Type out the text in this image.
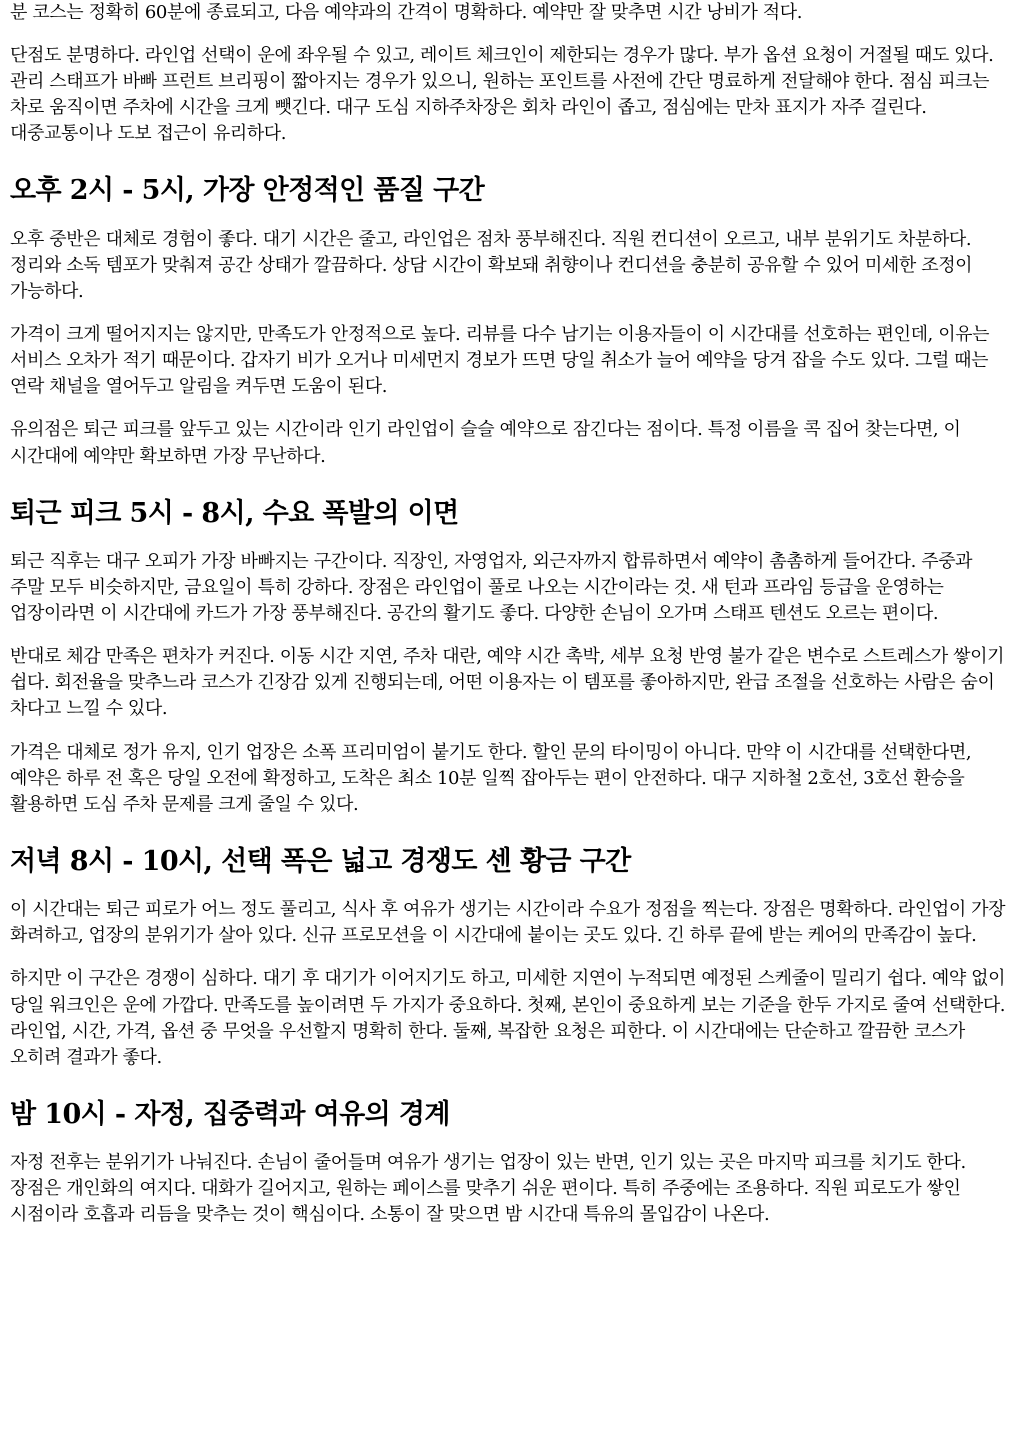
분 코스는 정확히 60분에 종료되고, 다음 예약과의 간격이 명확하다. 예약만 잘 맞추면 시간 낭비가 적다.

단점도 분명하다. 라인업 선택이 운에 좌우될 수 있고, 레이트 체크인이 제한되는 경우가 많다. 부가 옵션 요청이 거절될 때도 있다. 관리 스태프가 바빠 프런트 브리핑이 짧아지는 경우가 있으니, 원하는 포인트를 사전에 간단 명료하게 전달해야 한다. 점심 피크는 차로 움직이면 주차에 시간을 크게 뺏긴다. 대구 도심 지하주차장은 회차 라인이 좁고, 점심에는 만차 표지가 자주 걸린다. 대중교통이나 도보 접근이 유리하다.

오후 2시 - 5시, 가장 안정적인 품질 구간

오후 중반은 대체로 경험이 좋다. 대기 시간은 줄고, 라인업은 점차 풍부해진다. 직원 컨디션이 오르고, 내부 분위기도 차분하다. 정리와 소독 템포가 맞춰져 공간 상태가 깔끔하다. 상담 시간이 확보돼 취향이나 컨디션을 충분히 공유할 수 있어 미세한 조정이 가능하다.

가격이 크게 떨어지지는 않지만, 만족도가 안정적으로 높다. 리뷰를 다수 남기는 이용자들이 이 시간대를 선호하는 편인데, 이유는 서비스 오차가 적기 때문이다. 갑자기 비가 오거나 미세먼지 경보가 뜨면 당일 취소가 늘어 예약을 당겨 잡을 수도 있다. 그럴 때는 연락 채널을 열어두고 알림을 켜두면 도움이 된다.

유의점은 퇴근 피크를 앞두고 있는 시간이라 인기 라인업이 슬슬 예약으로 잠긴다는 점이다. 특정 이름을 콕 집어 찾는다면, 이 시간대에 예약만 확보하면 가장 무난하다.

퇴근 피크 5시 - 8시, 수요 폭발의 이면

퇴근 직후는 대구 오피가 가장 바빠지는 구간이다. 직장인, 자영업자, 외근자까지 합류하면서 예약이 촘촘하게 들어간다. 주중과 주말 모두 비슷하지만, 금요일이 특히 강하다. 장점은 라인업이 풀로 나오는 시간이라는 것. 새 턴과 프라임 등급을 운영하는 업장이라면 이 시간대에 카드가 가장 풍부해진다. 공간의 활기도 좋다. 다양한 손님이 오가며 스태프 텐션도 오르는 편이다.

반대로 체감 만족은 편차가 커진다. 이동 시간 지연, 주차 대란, 예약 시간 촉박, 세부 요청 반영 불가 같은 변수로 스트레스가 쌓이기 쉽다. 회전율을 맞추느라 코스가 긴장감 있게 진행되는데, 어떤 이용자는 이 템포를 좋아하지만, 완급 조절을 선호하는 사람은 숨이 차다고 느낄 수 있다.

가격은 대체로 정가 유지, 인기 업장은 소폭 프리미엄이 붙기도 한다. 할인 문의 타이밍이 아니다. 만약 이 시간대를 선택한다면, 예약은 하루 전 혹은 당일 오전에 확정하고, 도착은 최소 10분 일찍 잡아두는 편이 안전하다. 대구 지하철 2호선, 3호선 환승을 활용하면 도심 주차 문제를 크게 줄일 수 있다.

저녁 8시 - 10시, 선택 폭은 넓고 경쟁도 센 황금 구간

이 시간대는 퇴근 피로가 어느 정도 풀리고, 식사 후 여유가 생기는 시간이라 수요가 정점을 찍는다. 장점은 명확하다. 라인업이 가장 화려하고, 업장의 분위기가 살아 있다. 신규 프로모션을 이 시간대에 붙이는 곳도 있다. 긴 하루 끝에 받는 케어의 만족감이 높다.

하지만 이 구간은 경쟁이 심하다. 대기 후 대기가 이어지기도 하고, 미세한 지연이 누적되면 예정된 스케줄이 밀리기 쉽다. 예약 없이 당일 워크인은 운에 가깝다. 만족도를 높이려면 두 가지가 중요하다. 첫째, 본인이 중요하게 보는 기준을 한두 가지로 줄여 선택한다. 라인업, 시간, 가격, 옵션 중 무엇을 우선할지 명확히 한다. 둘째, 복잡한 요청은 피한다. 이 시간대에는 단순하고 깔끔한 코스가 오히려 결과가 좋다.

밤 10시 - 자정, 집중력과 여유의 경계

자정 전후는 분위기가 나눠진다. 손님이 줄어들며 여유가 생기는 업장이 있는 반면, 인기 있는 곳은 마지막 피크를 치기도 한다. 장점은 개인화의 여지다. 대화가 길어지고, 원하는 페이스를 맞추기 쉬운 편이다. 특히 주중에는 조용하다. 직원 피로도가 쌓인 시점이라 호흡과 리듬을 맞추는 것이 핵심이다. 소통이 잘 맞으면 밤 시간대 특유의 몰입감이 나온다.
